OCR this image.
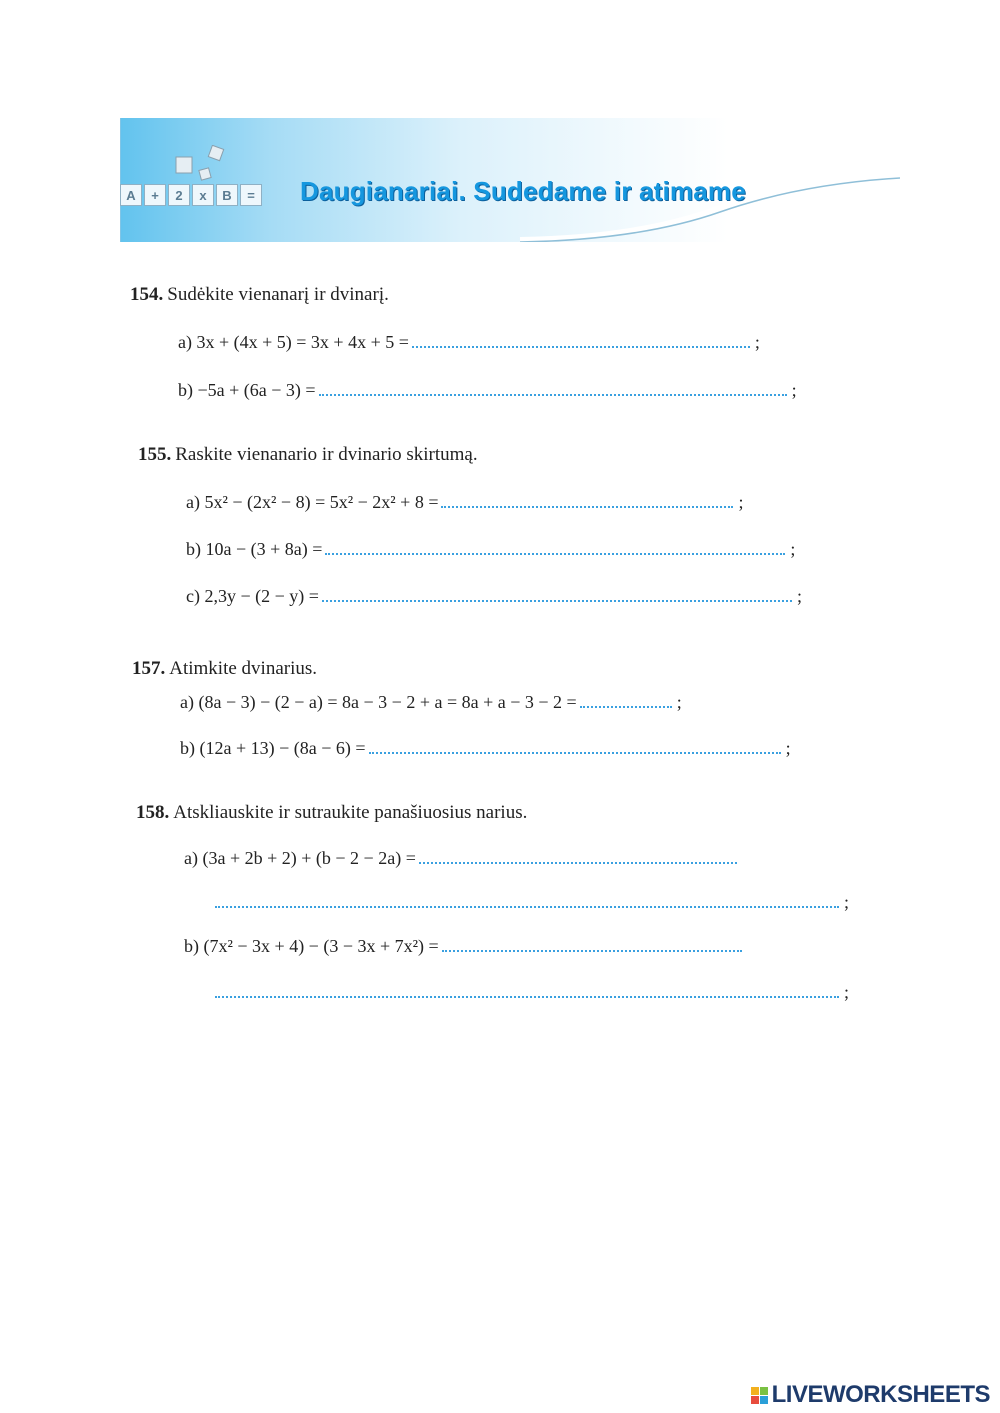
A	+	2	x	B	= Daugianariai. Sudedame ir atimame
154. Sudėkite vienanarį ir dvinarį.
a) 3x + (4x + 5) = 3x + 4x + 5 =	;
b) −5a + (6a − 3) =	;
155. Raskite vienanario ir dvinario skirtumą.
a) 5x² − (2x² − 8) = 5x² − 2x² + 8 =	;
b) 10a − (3 + 8a) =	;
c) 2,3y − (2 − y) =	;
157. Atimkite dvinarius.
a) (8a − 3) − (2 − a) = 8a − 3 − 2 + a = 8a + a − 3 − 2 =	;
b) (12a + 13) − (8a − 6) =	;
158. Atskliauskite ir sutraukite panašiuosius narius.
a) (3a + 2b + 2) + (b − 2 − 2a) =
;
b) (7x² − 3x + 4) − (3 − 3x + 7x²) =
;
LIVEWORKSHEETS
